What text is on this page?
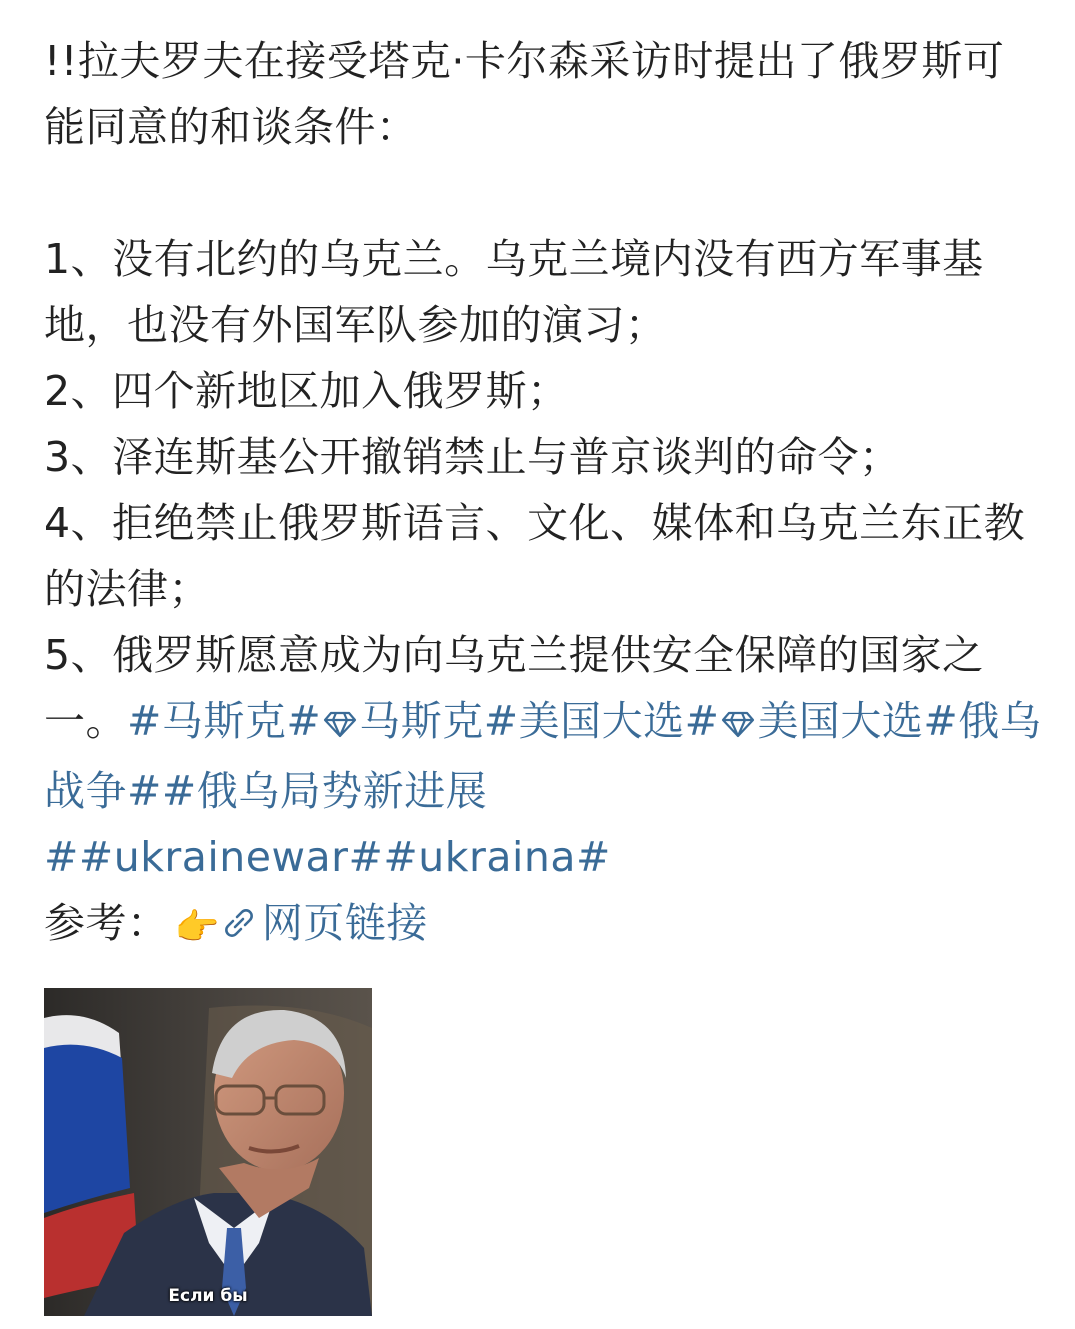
!!拉夫罗夫在接受塔克·卡尔森采访时提出了俄罗斯可能同意的和谈条件：
1、没有北约的乌克兰。乌克兰境内没有西方军事基地，也没有外国军队参加的演习；
2、四个新地区加入俄罗斯；
3、泽连斯基公开撤销禁止与普京谈判的命令；
4、拒绝禁止俄罗斯语言、文化、媒体和乌克兰东正教的法律；
5、俄罗斯愿意成为向乌克兰提供安全保障的国家之一。#马斯克# 马斯克#美国大选# 美国大选#俄乌战争##俄乌局势新进展
##ukrainewar##ukraina#
参考： 👉 网页链接
Если бы
